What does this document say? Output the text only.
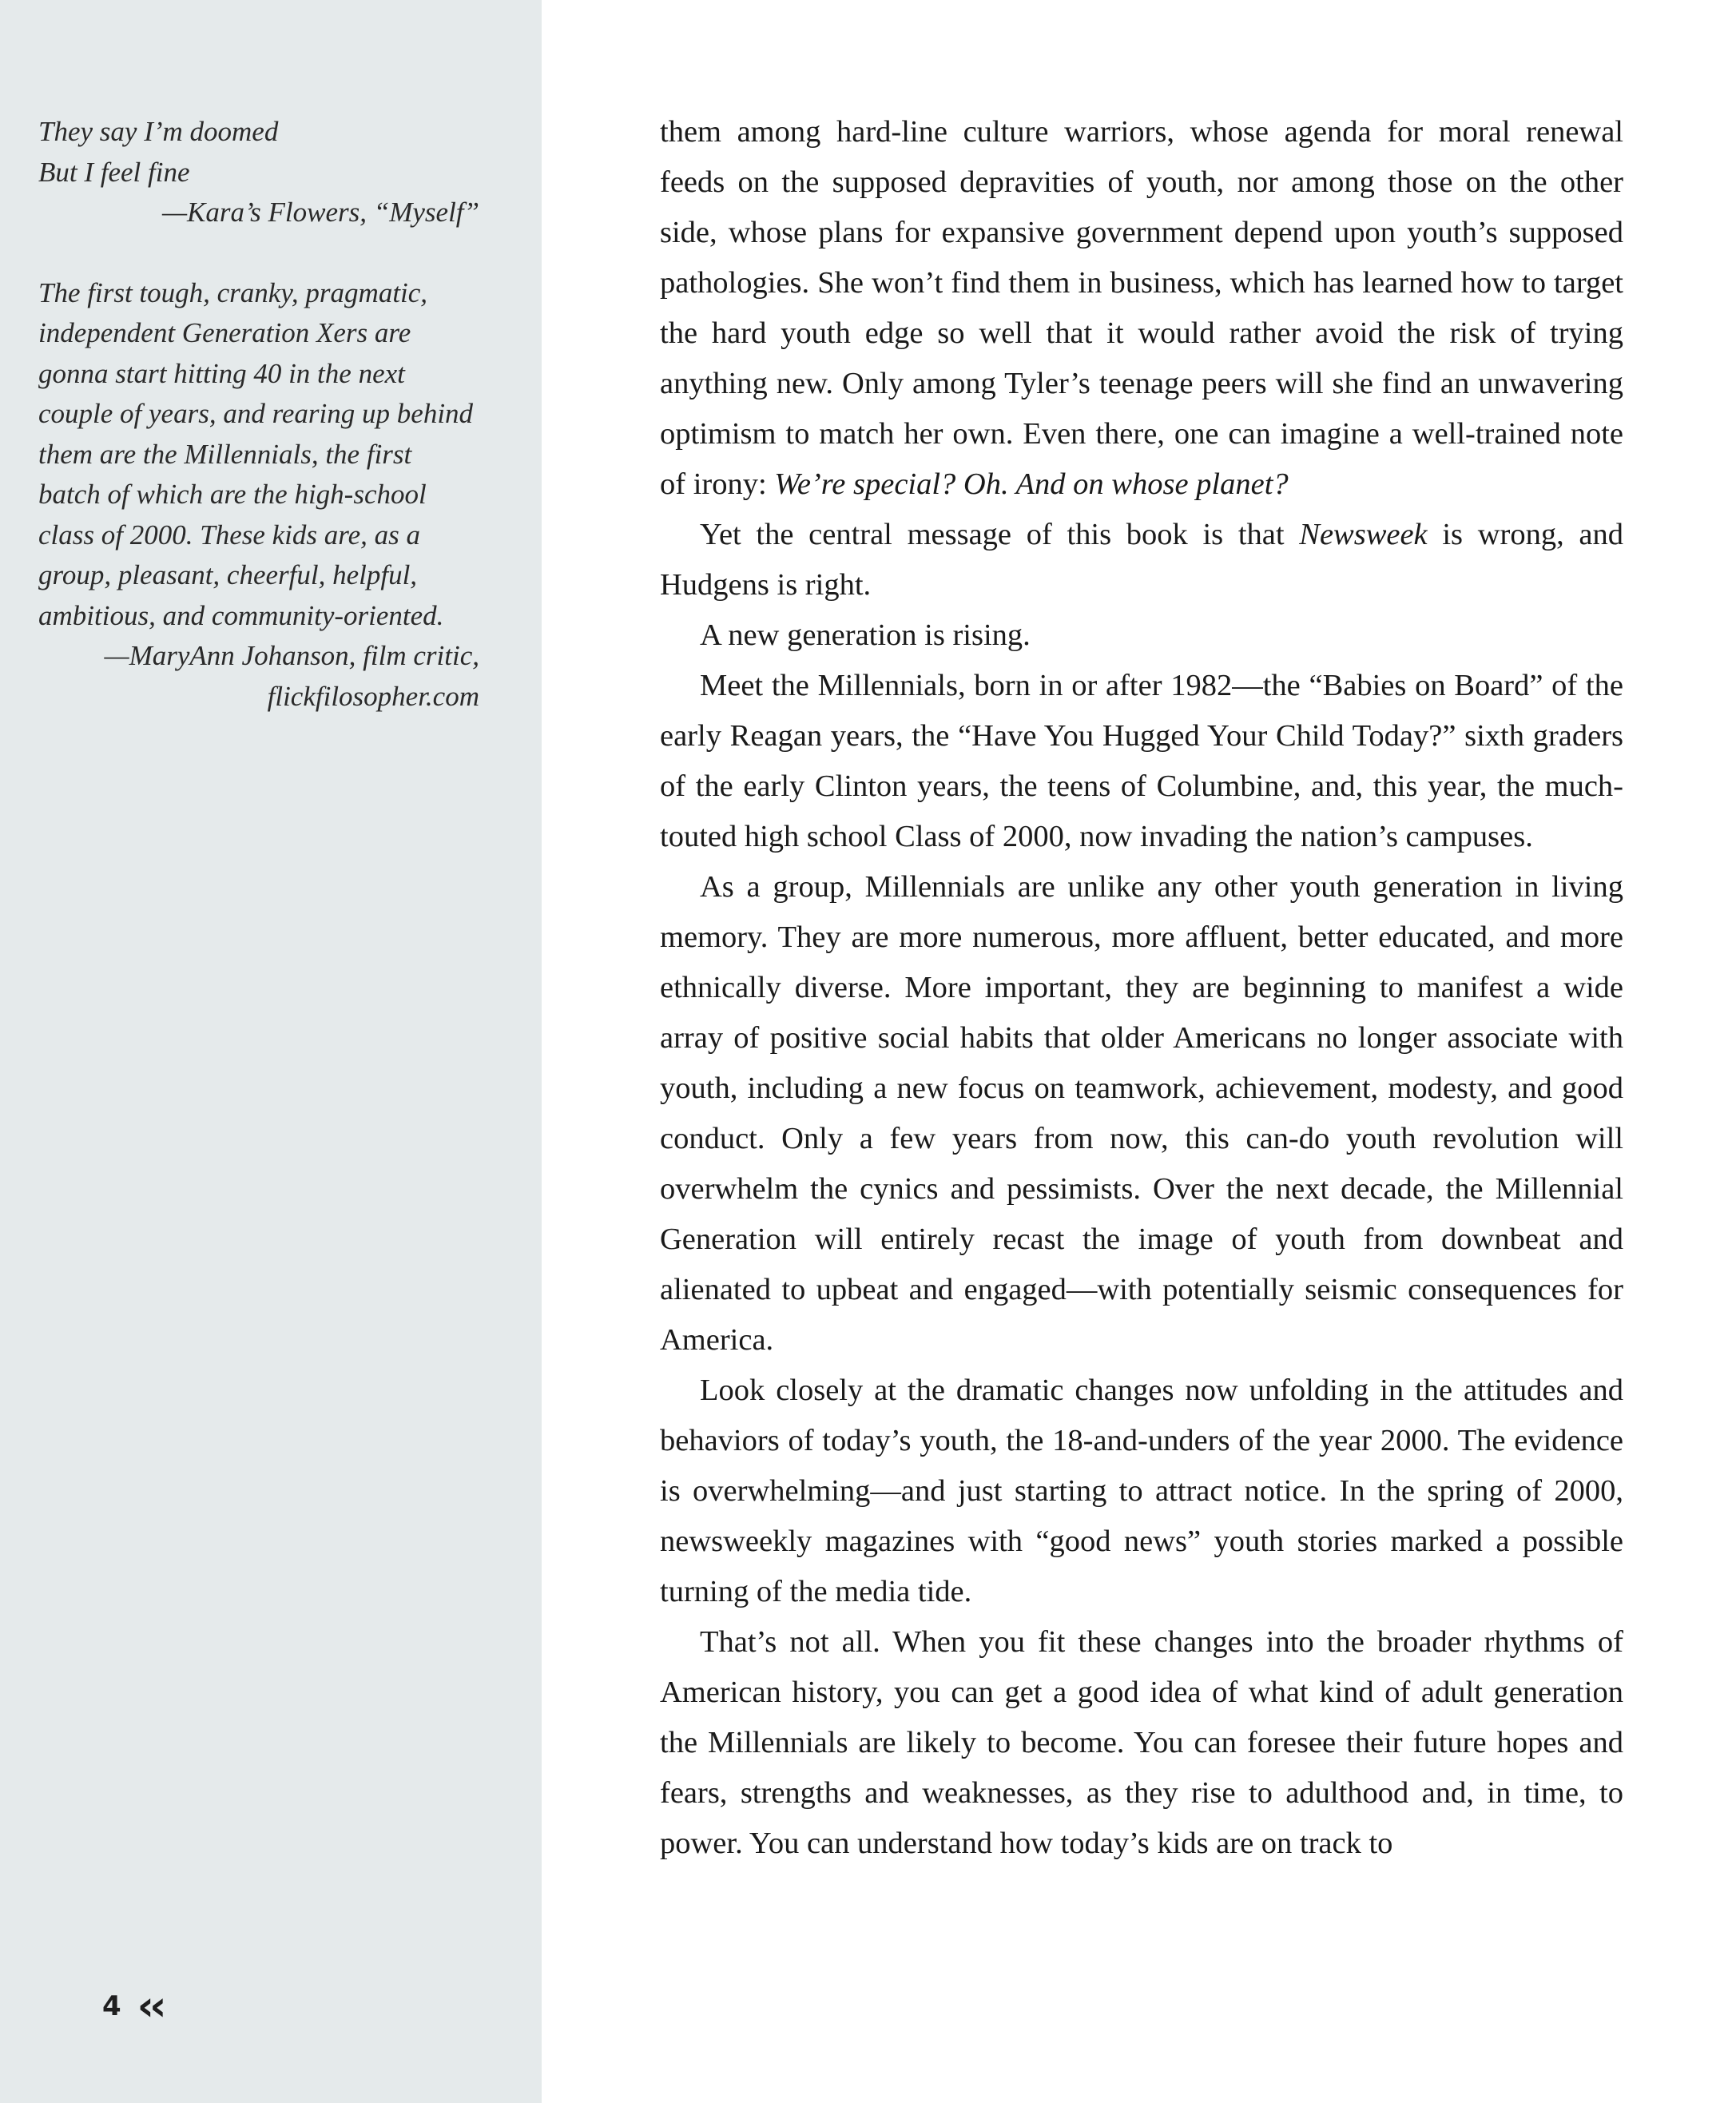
They say I’m doomed
But I feel fine
—Kara’s Flowers, “Myself”
The first tough, cranky, pragmatic, independent Generation Xers are gonna start hitting 40 in the next couple of years, and rearing up behind them are the Millennials, the first batch of which are the high-school class of 2000. These kids are, as a group, pleasant, cheerful, helpful, ambitious, and community-oriented.
—MaryAnn Johanson, film critic,
flickfilosopher.com
4 ‹‹

them among hard-line culture warriors, whose agenda for moral renewal feeds on the supposed depravities of youth, nor among those on the other side, whose plans for expansive government depend upon youth’s supposed pathologies. She won’t find them in business, which has learned how to target the hard youth edge so well that it would rather avoid the risk of trying anything new. Only among Tyler’s teenage peers will she find an unwavering optimism to match her own. Even there, one can imagine a well-trained note of irony: We’re special? Oh. And on whose planet?

Yet the central message of this book is that Newsweek is wrong, and Hudgens is right.

A new generation is rising.

Meet the Millennials, born in or after 1982—the “Babies on Board” of the early Reagan years, the “Have You Hugged Your Child Today?” sixth graders of the early Clinton years, the teens of Columbine, and, this year, the much-touted high school Class of 2000, now invading the nation’s campuses.

As a group, Millennials are unlike any other youth generation in living memory. They are more numerous, more affluent, better educated, and more ethnically diverse. More important, they are beginning to manifest a wide array of positive social habits that older Americans no longer associate with youth, including a new focus on teamwork, achievement, modesty, and good conduct. Only a few years from now, this can-do youth revolution will overwhelm the cynics and pessimists. Over the next decade, the Millennial Generation will entirely recast the image of youth from downbeat and alienated to upbeat and engaged—with potentially seismic consequences for America.

Look closely at the dramatic changes now unfolding in the attitudes and behaviors of today’s youth, the 18-and-unders of the year 2000. The evidence is overwhelming—and just starting to attract notice. In the spring of 2000, newsweekly magazines with “good news” youth stories marked a possible turning of the media tide.

That’s not all. When you fit these changes into the broader rhythms of American history, you can get a good idea of what kind of adult generation the Millennials are likely to become. You can foresee their future hopes and fears, strengths and weaknesses, as they rise to adulthood and, in time, to power. You can understand how today’s kids are on track to
